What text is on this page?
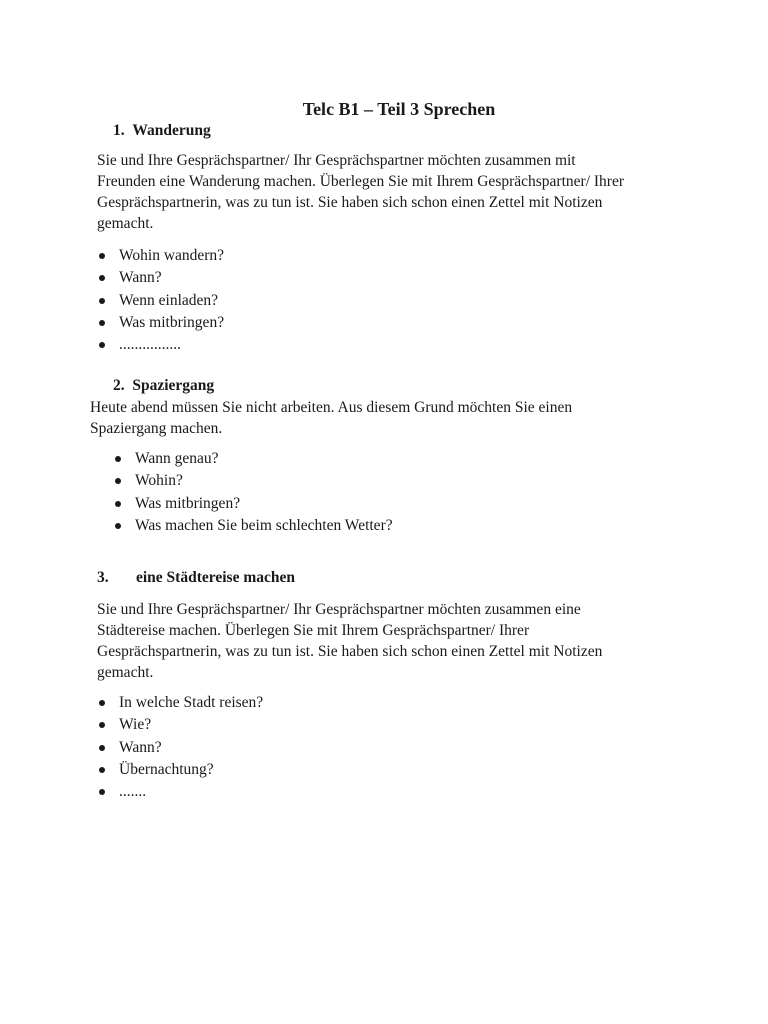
Telc B1 – Teil 3 Sprechen
1. Wanderung
Sie und Ihre Gesprächspartner/ Ihr Gesprächspartner möchten zusammen mit
Freunden eine Wanderung machen. Überlegen Sie mit Ihrem Gesprächspartner/ Ihrer
Gesprächspartnerin, was zu tun ist. Sie haben sich schon einen Zettel mit Notizen
gemacht.
Wohin wandern?
Wann?
Wenn einladen?
Was mitbringen?
................
2. Spaziergang
Heute abend müssen Sie nicht arbeiten. Aus diesem Grund möchten Sie einen
Spaziergang machen.
Wann genau?
Wohin?
Was mitbringen?
Was machen Sie beim schlechten Wetter?
3. eine Städtereise machen
Sie und Ihre Gesprächspartner/ Ihr Gesprächspartner möchten zusammen eine
Städtereise machen. Überlegen Sie mit Ihrem Gesprächspartner/ Ihrer
Gesprächspartnerin, was zu tun ist. Sie haben sich schon einen Zettel mit Notizen
gemacht.
In welche Stadt reisen?
Wie?
Wann?
Übernachtung?
.......
